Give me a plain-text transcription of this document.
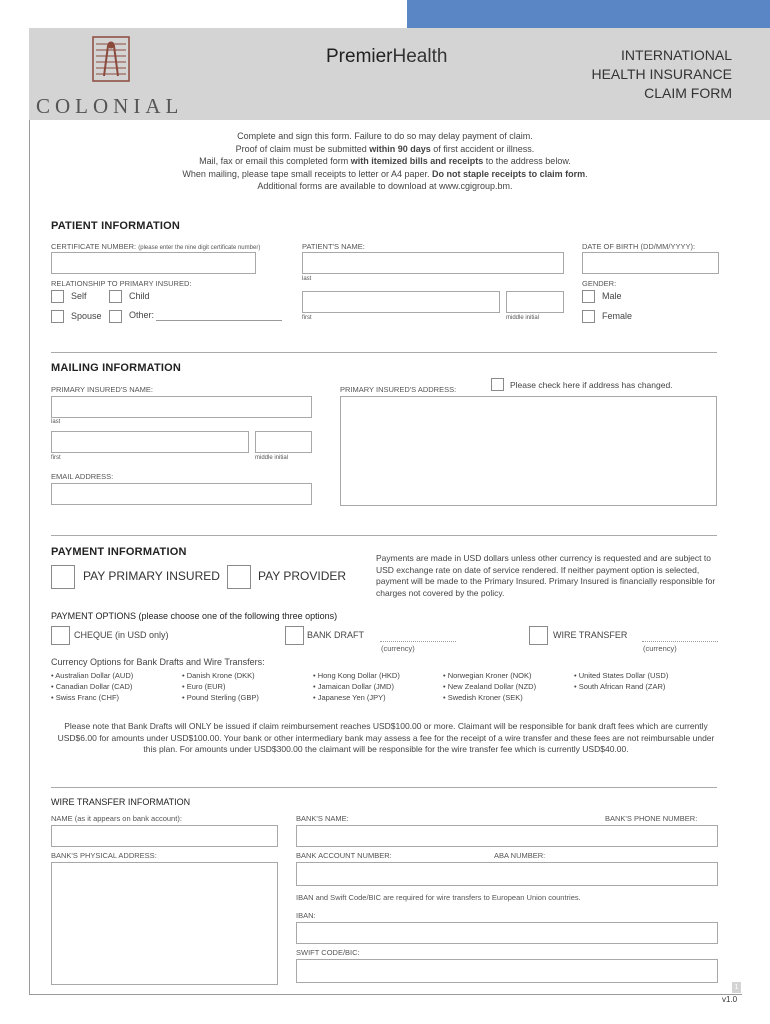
COLONIAL
PremierHealth	INTERNATIONAL
HEALTH INSURANCE
CLAIM FORM
Complete and sign this form. Failure to do so may delay payment of claim.
Proof of claim must be submitted within 90 days of first accident or illness.
Mail, fax or email this completed form with itemized bills and receipts to the address below.
When mailing, please tape small receipts to letter or A4 paper. Do not staple receipts to claim form.
Additional forms are available to download at www.cgigroup.bm.
PATIENT INFORMATION
CERTIFICATE NUMBER: (please enter the nine digit certificate number)	PATIENT'S NAME:	DATE OF BIRTH (DD/MM/YYYY):
last
RELATIONSHIP TO PRIMARY INSURED:
Self	Child
Spouse	Other:	first	middle initial
GENDER:
Male
Female
MAILING INFORMATION
PRIMARY INSURED'S NAME:
last
first	middle initial
EMAIL ADDRESS:
PRIMARY INSURED'S ADDRESS:	Please check here if address has changed.
PAYMENT INFORMATION
PAY PRIMARY INSURED	PAY PROVIDER
Payments are made in USD dollars unless other currency is requested and are subject to USD exchange rate on date of service rendered. If neither payment option is selected, payment will be made to the Primary Insured. Primary Insured is financially responsible for charges not covered by the policy.
PAYMENT OPTIONS (please choose one of the following three options)
CHEQUE (in USD only)	BANK DRAFT
(currency)
WIRE TRANSFER
(currency)
Currency Options for Bank Drafts and Wire Transfers:
• Australian Dollar (AUD)
• Canadian Dollar (CAD)
• Swiss Franc (CHF)
• Danish Krone (DKK)
• Euro (EUR)
• Pound Sterling (GBP)
• Hong Kong Dollar (HKD)
• Jamaican Dollar (JMD)
• Japanese Yen (JPY)
• Norwegian Kroner (NOK)
• New Zealand Dollar (NZD)
• Swedish Kroner (SEK)
• United States Dollar (USD)
• South African Rand (ZAR)
Please note that Bank Drafts will ONLY be issued if claim reimbursement reaches USD$100.00 or more. Claimant will be responsible for bank draft fees which are currently USD$6.00 for amounts under USD$100.00. Your bank or other intermediary bank may assess a fee for the receipt of a wire transfer and these fees are not reimbursable under this plan. For amounts under USD$300.00 the claimant will be responsible for the wire transfer fee which is currently USD$40.00.
WIRE TRANSFER INFORMATION
NAME (as it appears on bank account):	BANK'S NAME:	BANK'S PHONE NUMBER:
BANK'S PHYSICAL ADDRESS:	BANK ACCOUNT NUMBER:	ABA NUMBER:
IBAN and Swift Code/BIC are required for wire transfers to European Union countries.
IBAN:
SWIFT CODE/BIC:
1
v1.0
